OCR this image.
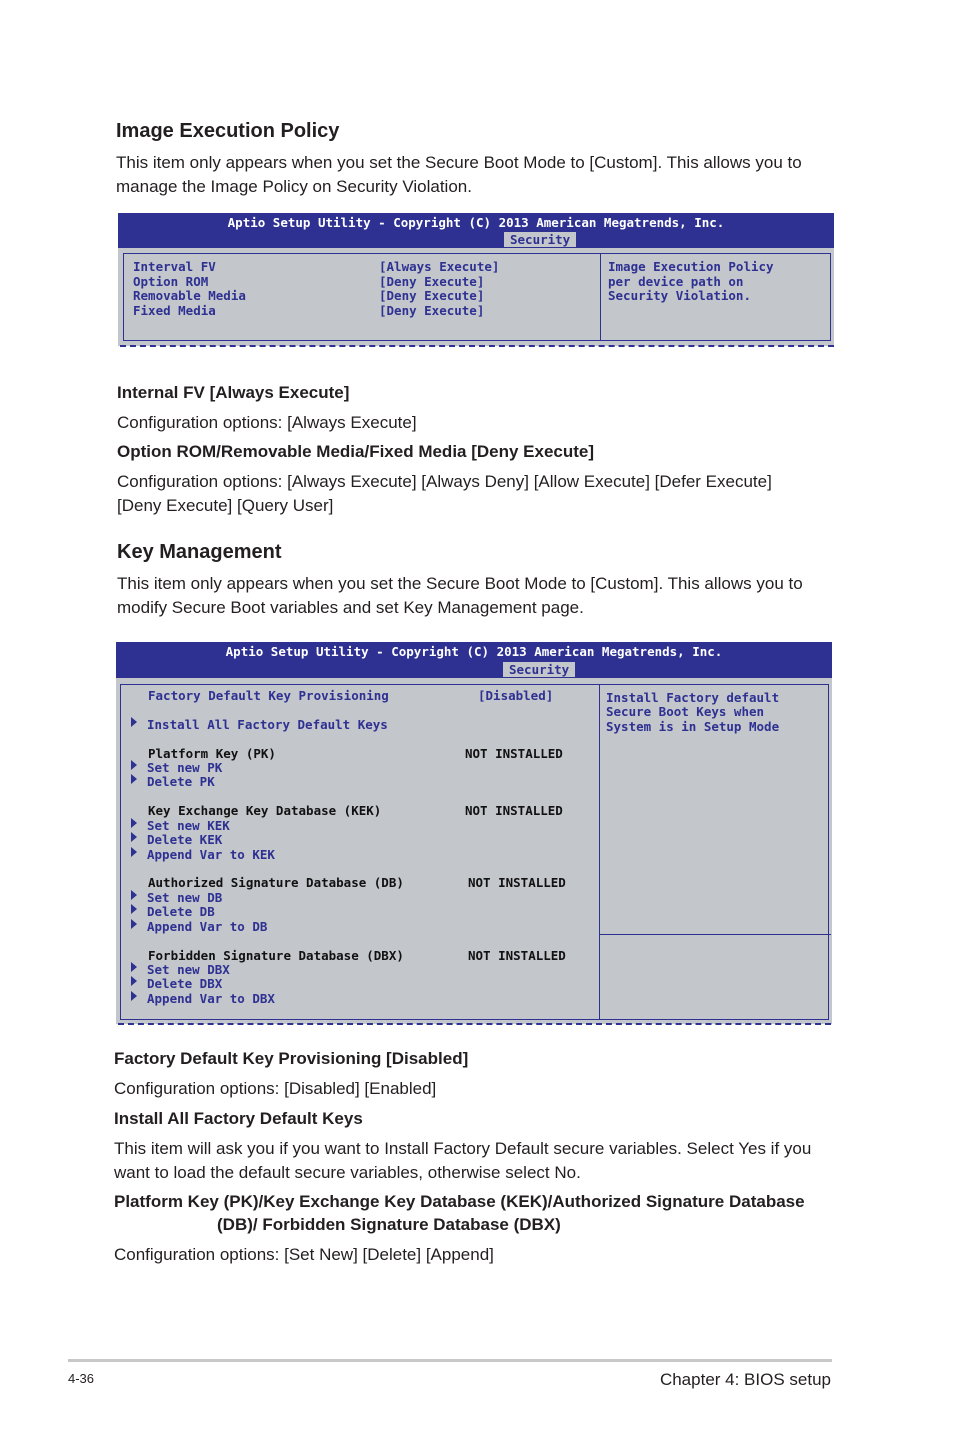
Image Execution Policy
This item only appears when you set the Secure Boot Mode to [Custom]. This allows you to
manage the Image Policy on Security Violation.
Aptio Setup Utility - Copyright (C) 2013 American Megatrends, Inc.
Security
Interval FV	[Always Execute]
Option ROM	[Deny Execute]
Removable Media	[Deny Execute]
Fixed Media	[Deny Execute]
Image Execution Policy
per device path on
Security Violation.
Internal FV [Always Execute]
Configuration options: [Always Execute]
Option ROM/Removable Media/Fixed Media [Deny Execute]
Configuration options: [Always Execute] [Always Deny] [Allow Execute] [Defer Execute]
[Deny Execute] [Query User]
Key Management
This item only appears when you set the Secure Boot Mode to [Custom]. This allows you to
modify Secure Boot variables and set Key Management page.
Aptio Setup Utility - Copyright (C) 2013 American Megatrends, Inc.
Security
Factory Default Key Provisioning	[Disabled]
Install All Factory Default Keys
Platform Key (PK)	NOT INSTALLED
Set new PK
Delete PK
Key Exchange Key Database (KEK)	NOT INSTALLED
Set new KEK
Delete KEK
Append Var to KEK
Authorized Signature Database (DB)	NOT INSTALLED
Set new DB
Delete DB
Append Var to DB
Forbidden Signature Database (DBX)	NOT INSTALLED
Set new DBX
Delete DBX
Append Var to DBX
Install Factory default
Secure Boot Keys when
System is in Setup Mode
Factory Default Key Provisioning [Disabled]
Configuration options: [Disabled] [Enabled]
Install All Factory Default Keys
This item will ask you if you want to Install Factory Default secure variables. Select Yes if you
want to load the default secure variables, otherwise select No.
Platform Key (PK)/Key Exchange Key Database (KEK)/Authorized Signature Database
(DB)/ Forbidden Signature Database (DBX)
Configuration options: [Set New] [Delete] [Append]
4-36	Chapter 4: BIOS setup
